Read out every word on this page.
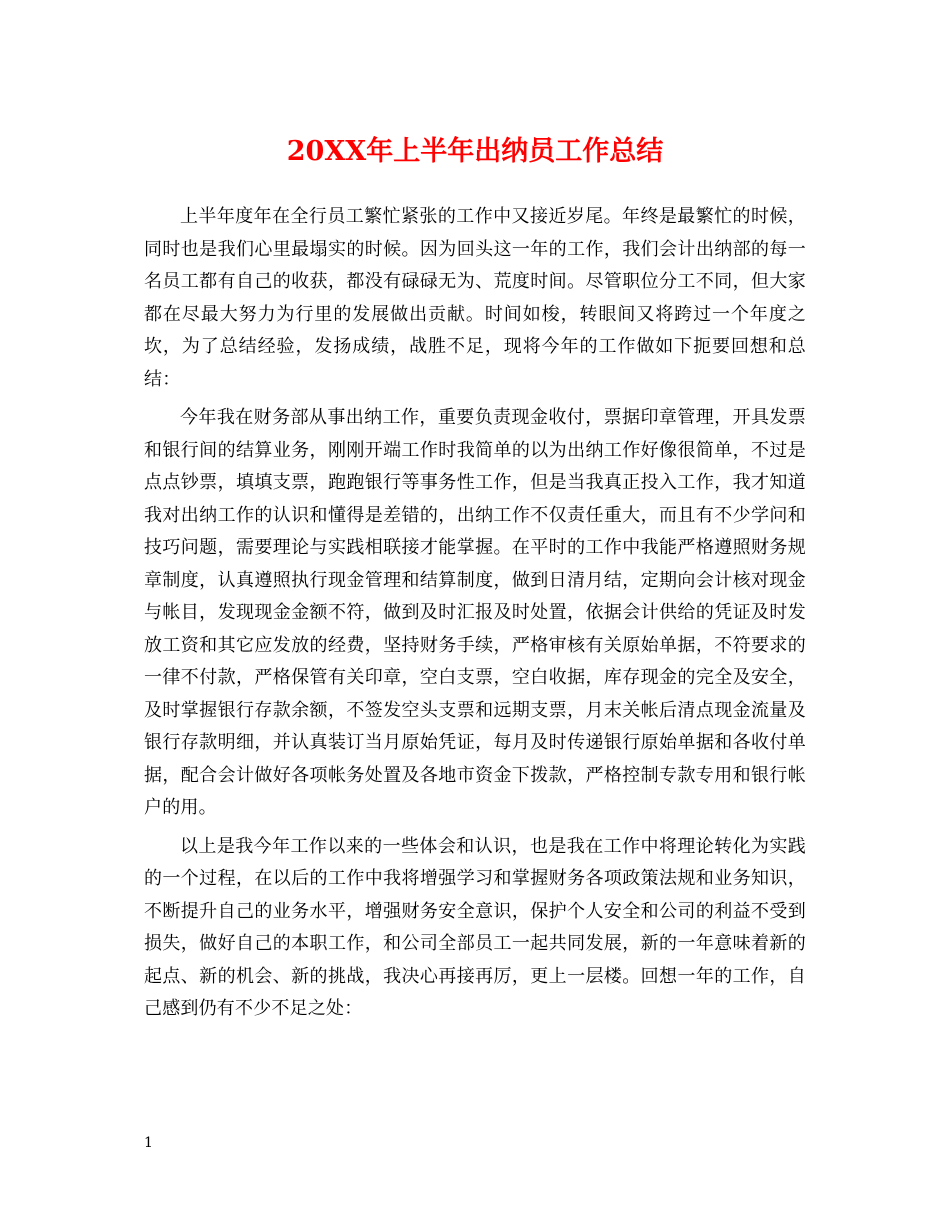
20XX年上半年出纳员工作总结

上半年度年在全行员工繁忙紧张的工作中又接近岁尾。年终是最繁忙的时候，同时也是我们心里最塌实的时候。因为回头这一年的工作，我们会计出纳部的每一名员工都有自己的收获，都没有碌碌无为、荒度时间。尽管职位分工不同，但大家都在尽最大努力为行里的发展做出贡献。时间如梭，转眼间又将跨过一个年度之坎，为了总结经验，发扬成绩，战胜不足，现将今年的工作做如下扼要回想和总结：

今年我在财务部从事出纳工作，重要负责现金收付，票据印章管理，开具发票和银行间的结算业务，刚刚开端工作时我简单的以为出纳工作好像很简单，不过是点点钞票，填填支票，跑跑银行等事务性工作，但是当我真正投入工作，我才知道我对出纳工作的认识和懂得是差错的，出纳工作不仅责任重大，而且有不少学问和技巧问题，需要理论与实践相联接才能掌握。在平时的工作中我能严格遵照财务规章制度，认真遵照执行现金管理和结算制度，做到日清月结，定期向会计核对现金与帐目，发现现金金额不符，做到及时汇报及时处置，依据会计供给的凭证及时发放工资和其它应发放的经费，坚持财务手续，严格审核有关原始单据，不符要求的一律不付款，严格保管有关印章，空白支票，空白收据，库存现金的完全及安全，及时掌握银行存款余额，不签发空头支票和远期支票，月末关帐后清点现金流量及银行存款明细，并认真装订当月原始凭证，每月及时传递银行原始单据和各收付单据，配合会计做好各项帐务处置及各地市资金下拨款，严格控制专款专用和银行帐户的用。

以上是我今年工作以来的一些体会和认识，也是我在工作中将理论转化为实践的一个过程，在以后的工作中我将增强学习和掌握财务各项政策法规和业务知识，不断提升自己的业务水平，增强财务安全意识，保护个人安全和公司的利益不受到损失，做好自己的本职工作，和公司全部员工一起共同发展，新的一年意味着新的起点、新的机会、新的挑战，我决心再接再厉，更上一层楼。回想一年的工作，自己感到仍有不少不足之处：

1
